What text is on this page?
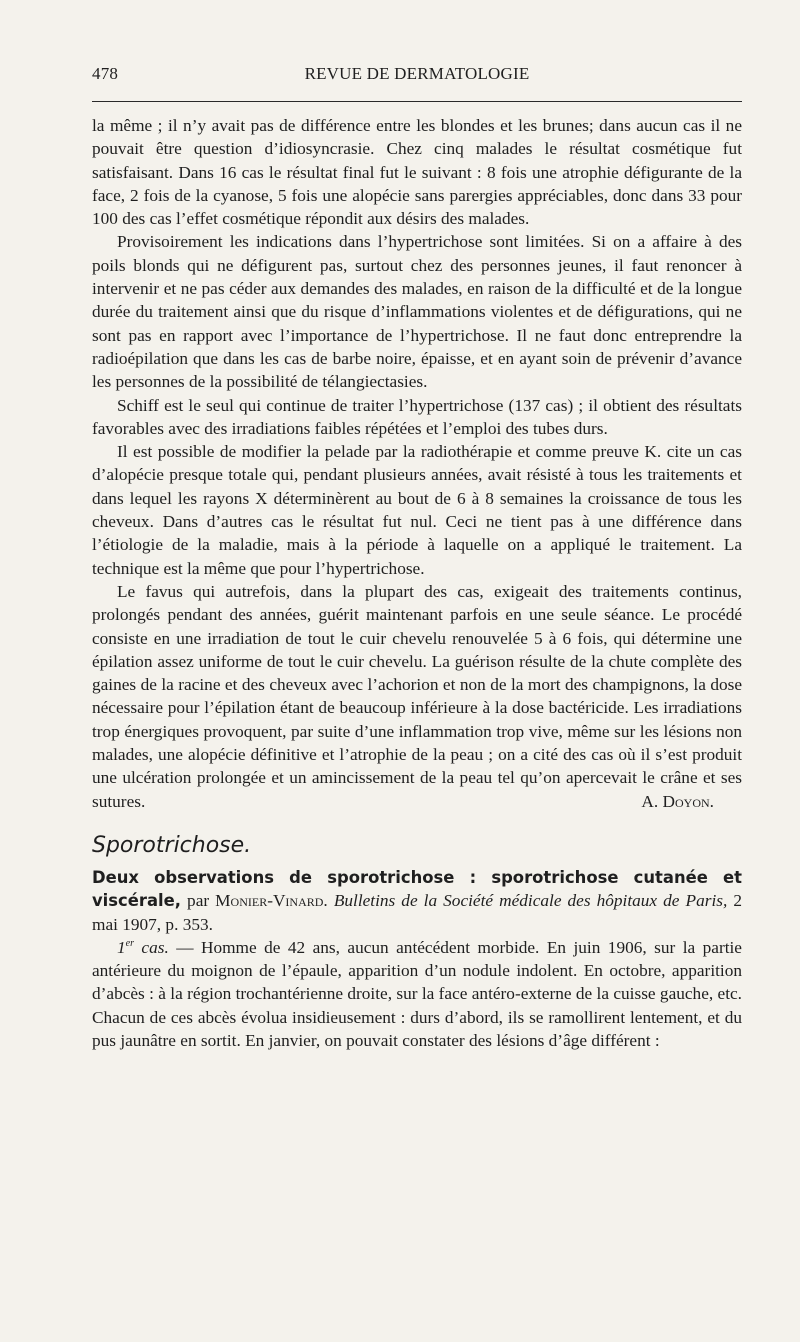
478	REVUE DE DERMATOLOGIE

la même ; il n’y avait pas de différence entre les blondes et les brunes; dans aucun cas il ne pouvait être question d’idiosyncrasie. Chez cinq malades le résultat cosmétique fut satisfaisant. Dans 16 cas le résultat final fut le suivant : 8 fois une atrophie défigurante de la face, 2 fois de la cyanose, 5 fois une alopécie sans parergies appréciables, donc dans 33 pour 100 des cas l’effet cosmétique répondit aux désirs des malades.

Provisoirement les indications dans l’hypertrichose sont limitées. Si on a affaire à des poils blonds qui ne défigurent pas, surtout chez des personnes jeunes, il faut renoncer à intervenir et ne pas céder aux demandes des malades, en raison de la difficulté et de la longue durée du traitement ainsi que du risque d’inflammations violentes et de défigurations, qui ne sont pas en rapport avec l’importance de l’hypertrichose. Il ne faut donc entreprendre la radioépilation que dans les cas de barbe noire, épaisse, et en ayant soin de prévenir d’avance les personnes de la possibilité de télangiectasies.

Schiff est le seul qui continue de traiter l’hypertrichose (137 cas) ; il obtient des résultats favorables avec des irradiations faibles répétées et l’emploi des tubes durs.

Il est possible de modifier la pelade par la radiothérapie et comme preuve K. cite un cas d’alopécie presque totale qui, pendant plusieurs années, avait résisté à tous les traitements et dans lequel les rayons X déterminèrent au bout de 6 à 8 semaines la croissance de tous les cheveux. Dans d’autres cas le résultat fut nul. Ceci ne tient pas à une différence dans l’étiologie de la maladie, mais à la période à laquelle on a appliqué le traitement. La technique est la même que pour l’hypertrichose.

Le favus qui autrefois, dans la plupart des cas, exigeait des traitements continus, prolongés pendant des années, guérit maintenant parfois en une seule séance. Le procédé consiste en une irradiation de tout le cuir chevelu renouvelée 5 à 6 fois, qui détermine une épilation assez uniforme de tout le cuir chevelu. La guérison résulte de la chute complète des gaines de la racine et des cheveux avec l’achorion et non de la mort des champignons, la dose nécessaire pour l’épilation étant de beaucoup inférieure à la dose bactéricide. Les irradiations trop énergiques provoquent, par suite d’une inflammation trop vive, même sur les lésions non malades, une alopécie définitive et l’atrophie de la peau ; on a cité des cas où il s’est produit une ulcération prolongée et un amincissement de la peau tel qu’on apercevait le crâne et ses sutures.	A. Doyon.

Sporotrichose.

Deux observations de sporotrichose : sporotrichose cutanée et viscérale, par Monier-Vinard. Bulletins de la Société médicale des hôpitaux de Paris, 2 mai 1907, p. 353.

1er cas. — Homme de 42 ans, aucun antécédent morbide. En juin 1906, sur la partie antérieure du moignon de l’épaule, apparition d’un nodule indolent. En octobre, apparition d’abcès : à la région trochantérienne droite, sur la face antéro-externe de la cuisse gauche, etc. Chacun de ces abcès évolua insidieusement : durs d’abord, ils se ramollirent lentement, et du pus jaunâtre en sortit. En janvier, on pouvait constater des lésions d’âge différent :
